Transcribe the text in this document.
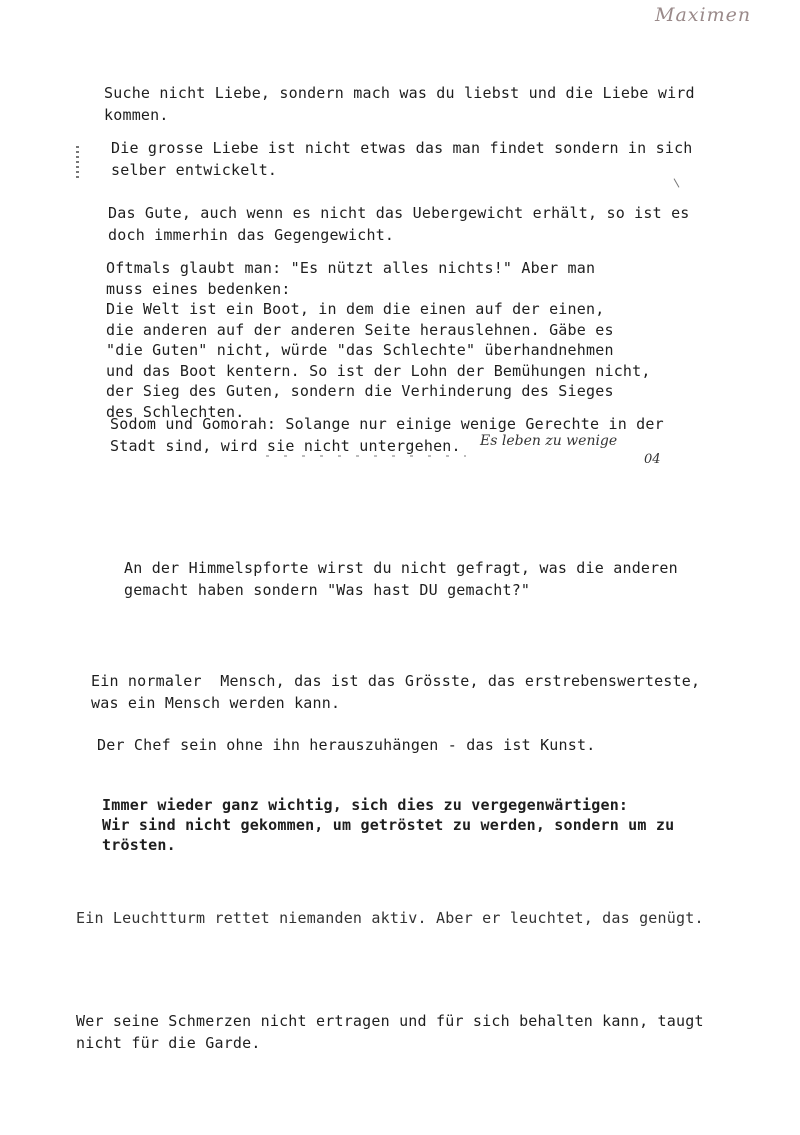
Maximen

Suche nicht Liebe, sondern mach was du liebst und die Liebe wird
kommen.

Die grosse Liebe ist nicht etwas das man findet sondern in sich
selber entwickelt.

Das Gute, auch wenn es nicht das Uebergewicht erhält, so ist es
doch immerhin das Gegengewicht.

Oftmals glaubt man: "Es nützt alles nichts!" Aber man
muss eines bedenken:
Die Welt ist ein Boot, in dem die einen auf der einen,
die anderen auf der anderen Seite herauslehnen. Gäbe es
"die Guten" nicht, würde "das Schlechte" überhandnehmen
und das Boot kentern. So ist der Lohn der Bemühungen nicht,
der Sieg des Guten, sondern die Verhinderung des Sieges
des Schlechten.

Sodom und Gomorah: Solange nur einige wenige Gerechte in der
Stadt sind, wird sie nicht untergehen.	Es leben zu wenige
04

An der Himmelspforte wirst du nicht gefragt, was die anderen
gemacht haben sondern "Was hast DU gemacht?"

Ein normaler  Mensch, das ist das Grösste, das erstrebenswerteste,
was ein Mensch werden kann.

Der Chef sein ohne ihn herauszuhängen - das ist Kunst.

Immer wieder ganz wichtig, sich dies zu vergegenwärtigen:
Wir sind nicht gekommen, um getröstet zu werden, sondern um zu
trösten.

Ein Leuchtturm rettet niemanden aktiv. Aber er leuchtet, das genügt.

Wer seine Schmerzen nicht ertragen und für sich behalten kann, taugt
nicht für die Garde.
